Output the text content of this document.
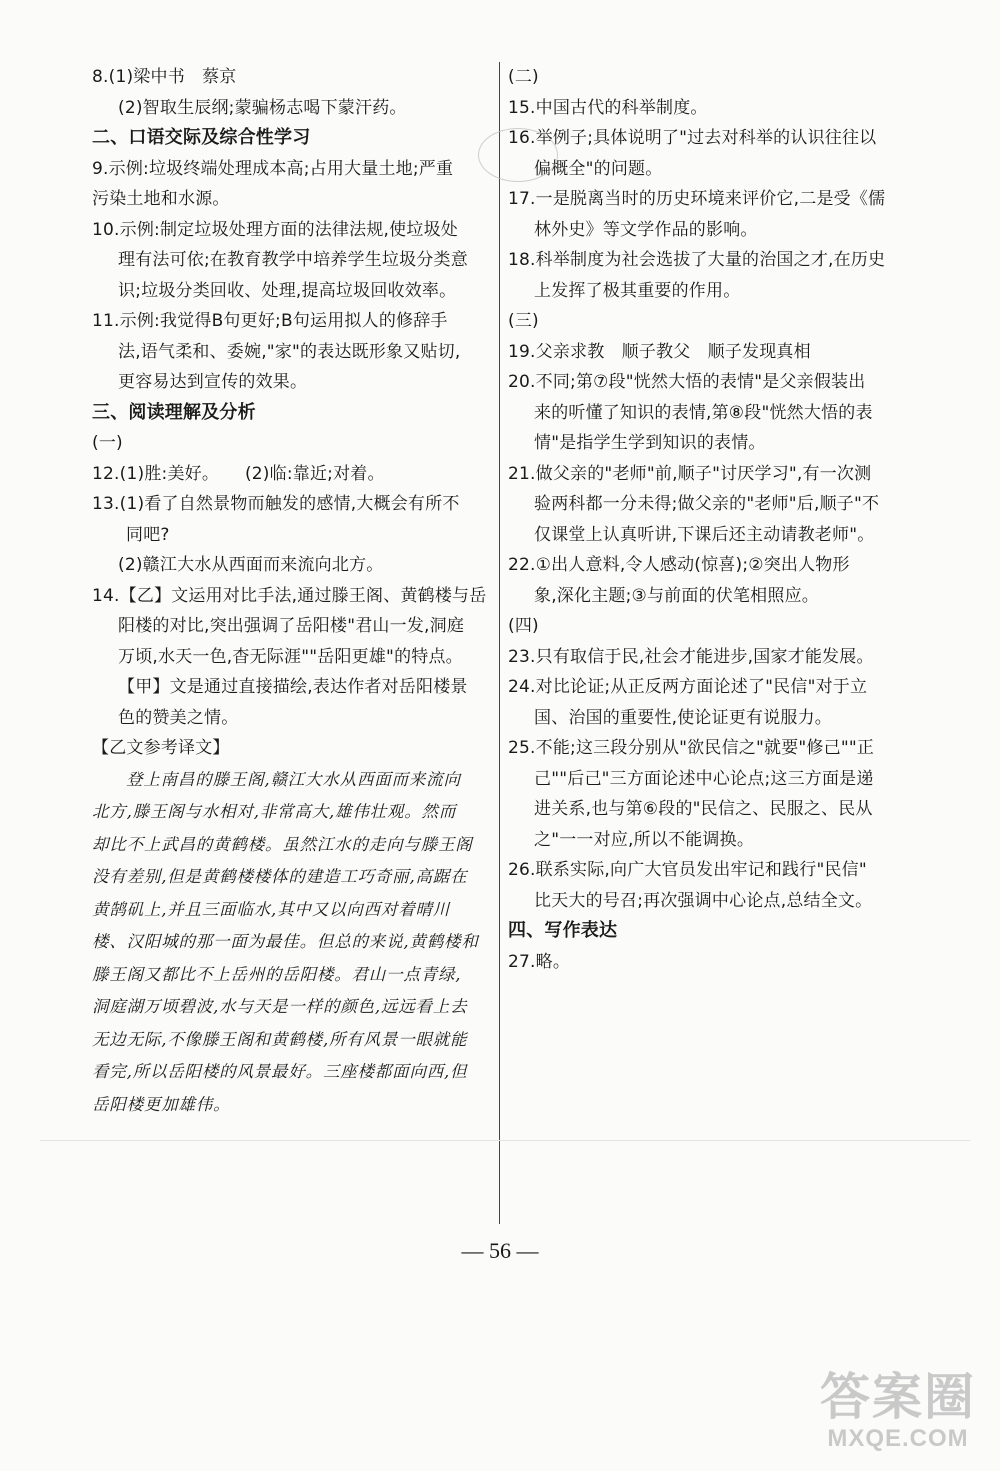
8.(1)梁中书　蔡京
(2)智取生辰纲;蒙骗杨志喝下蒙汗药。
二、口语交际及综合性学习
9.示例:垃圾终端处理成本高;占用大量土地;严重
污染土地和水源。
10.示例:制定垃圾处理方面的法律法规,使垃圾处
理有法可依;在教育教学中培养学生垃圾分类意
识;垃圾分类回收、处理,提高垃圾回收效率。
11.示例:我觉得B句更好;B句运用拟人的修辞手
法,语气柔和、委婉,"家"的表达既形象又贴切,
更容易达到宣传的效果。
三、阅读理解及分析
(一)
12.(1)胜:美好。　　(2)临:靠近;对着。
13.(1)看了自然景物而触发的感情,大概会有所不
同吧?
(2)赣江大水从西面而来流向北方。
14.【乙】文运用对比手法,通过滕王阁、黄鹤楼与岳
阳楼的对比,突出强调了岳阳楼"君山一发,洞庭
万顷,水天一色,杳无际涯""岳阳更雄"的特点。
【甲】文是通过直接描绘,表达作者对岳阳楼景
色的赞美之情。
【乙文参考译文】
登上南昌的滕王阁,赣江大水从西面而来流向
北方,滕王阁与水相对,非常高大,雄伟壮观。然而
却比不上武昌的黄鹤楼。虽然江水的走向与滕王阁
没有差别,但是黄鹤楼楼体的建造工巧奇丽,高踞在
黄鹄矶上,并且三面临水,其中又以向西对着晴川
楼、汉阳城的那一面为最佳。但总的来说,黄鹤楼和
滕王阁又都比不上岳州的岳阳楼。君山一点青绿,
洞庭湖万顷碧波,水与天是一样的颜色,远远看上去
无边无际,不像滕王阁和黄鹤楼,所有风景一眼就能
看完,所以岳阳楼的风景最好。三座楼都面向西,但
岳阳楼更加雄伟。
(二)
15.中国古代的科举制度。
16.举例子;具体说明了"过去对科举的认识往往以
偏概全"的问题。
17.一是脱离当时的历史环境来评价它,二是受《儒
林外史》等文学作品的影响。
18.科举制度为社会选拔了大量的治国之才,在历史
上发挥了极其重要的作用。
(三)
19.父亲求教　顺子教父　顺子发现真相
20.不同;第⑦段"恍然大悟的表情"是父亲假装出
来的听懂了知识的表情,第⑧段"恍然大悟的表
情"是指学生学到知识的表情。
21.做父亲的"老师"前,顺子"讨厌学习",有一次测
验两科都一分未得;做父亲的"老师"后,顺子"不
仅课堂上认真听讲,下课后还主动请教老师"。
22.①出人意料,令人感动(惊喜);②突出人物形
象,深化主题;③与前面的伏笔相照应。
(四)
23.只有取信于民,社会才能进步,国家才能发展。
24.对比论证;从正反两方面论述了"民信"对于立
国、治国的重要性,使论证更有说服力。
25.不能;这三段分别从"欲民信之"就要"修己""正
己""后己"三方面论述中心论点;这三方面是递
进关系,也与第⑥段的"民信之、民服之、民从
之"一一对应,所以不能调换。
26.联系实际,向广大官员发出牢记和践行"民信"
比天大的号召;再次强调中心论点,总结全文。
四、写作表达
27.略。
— 56 —
答案圈
MXQE.COM
